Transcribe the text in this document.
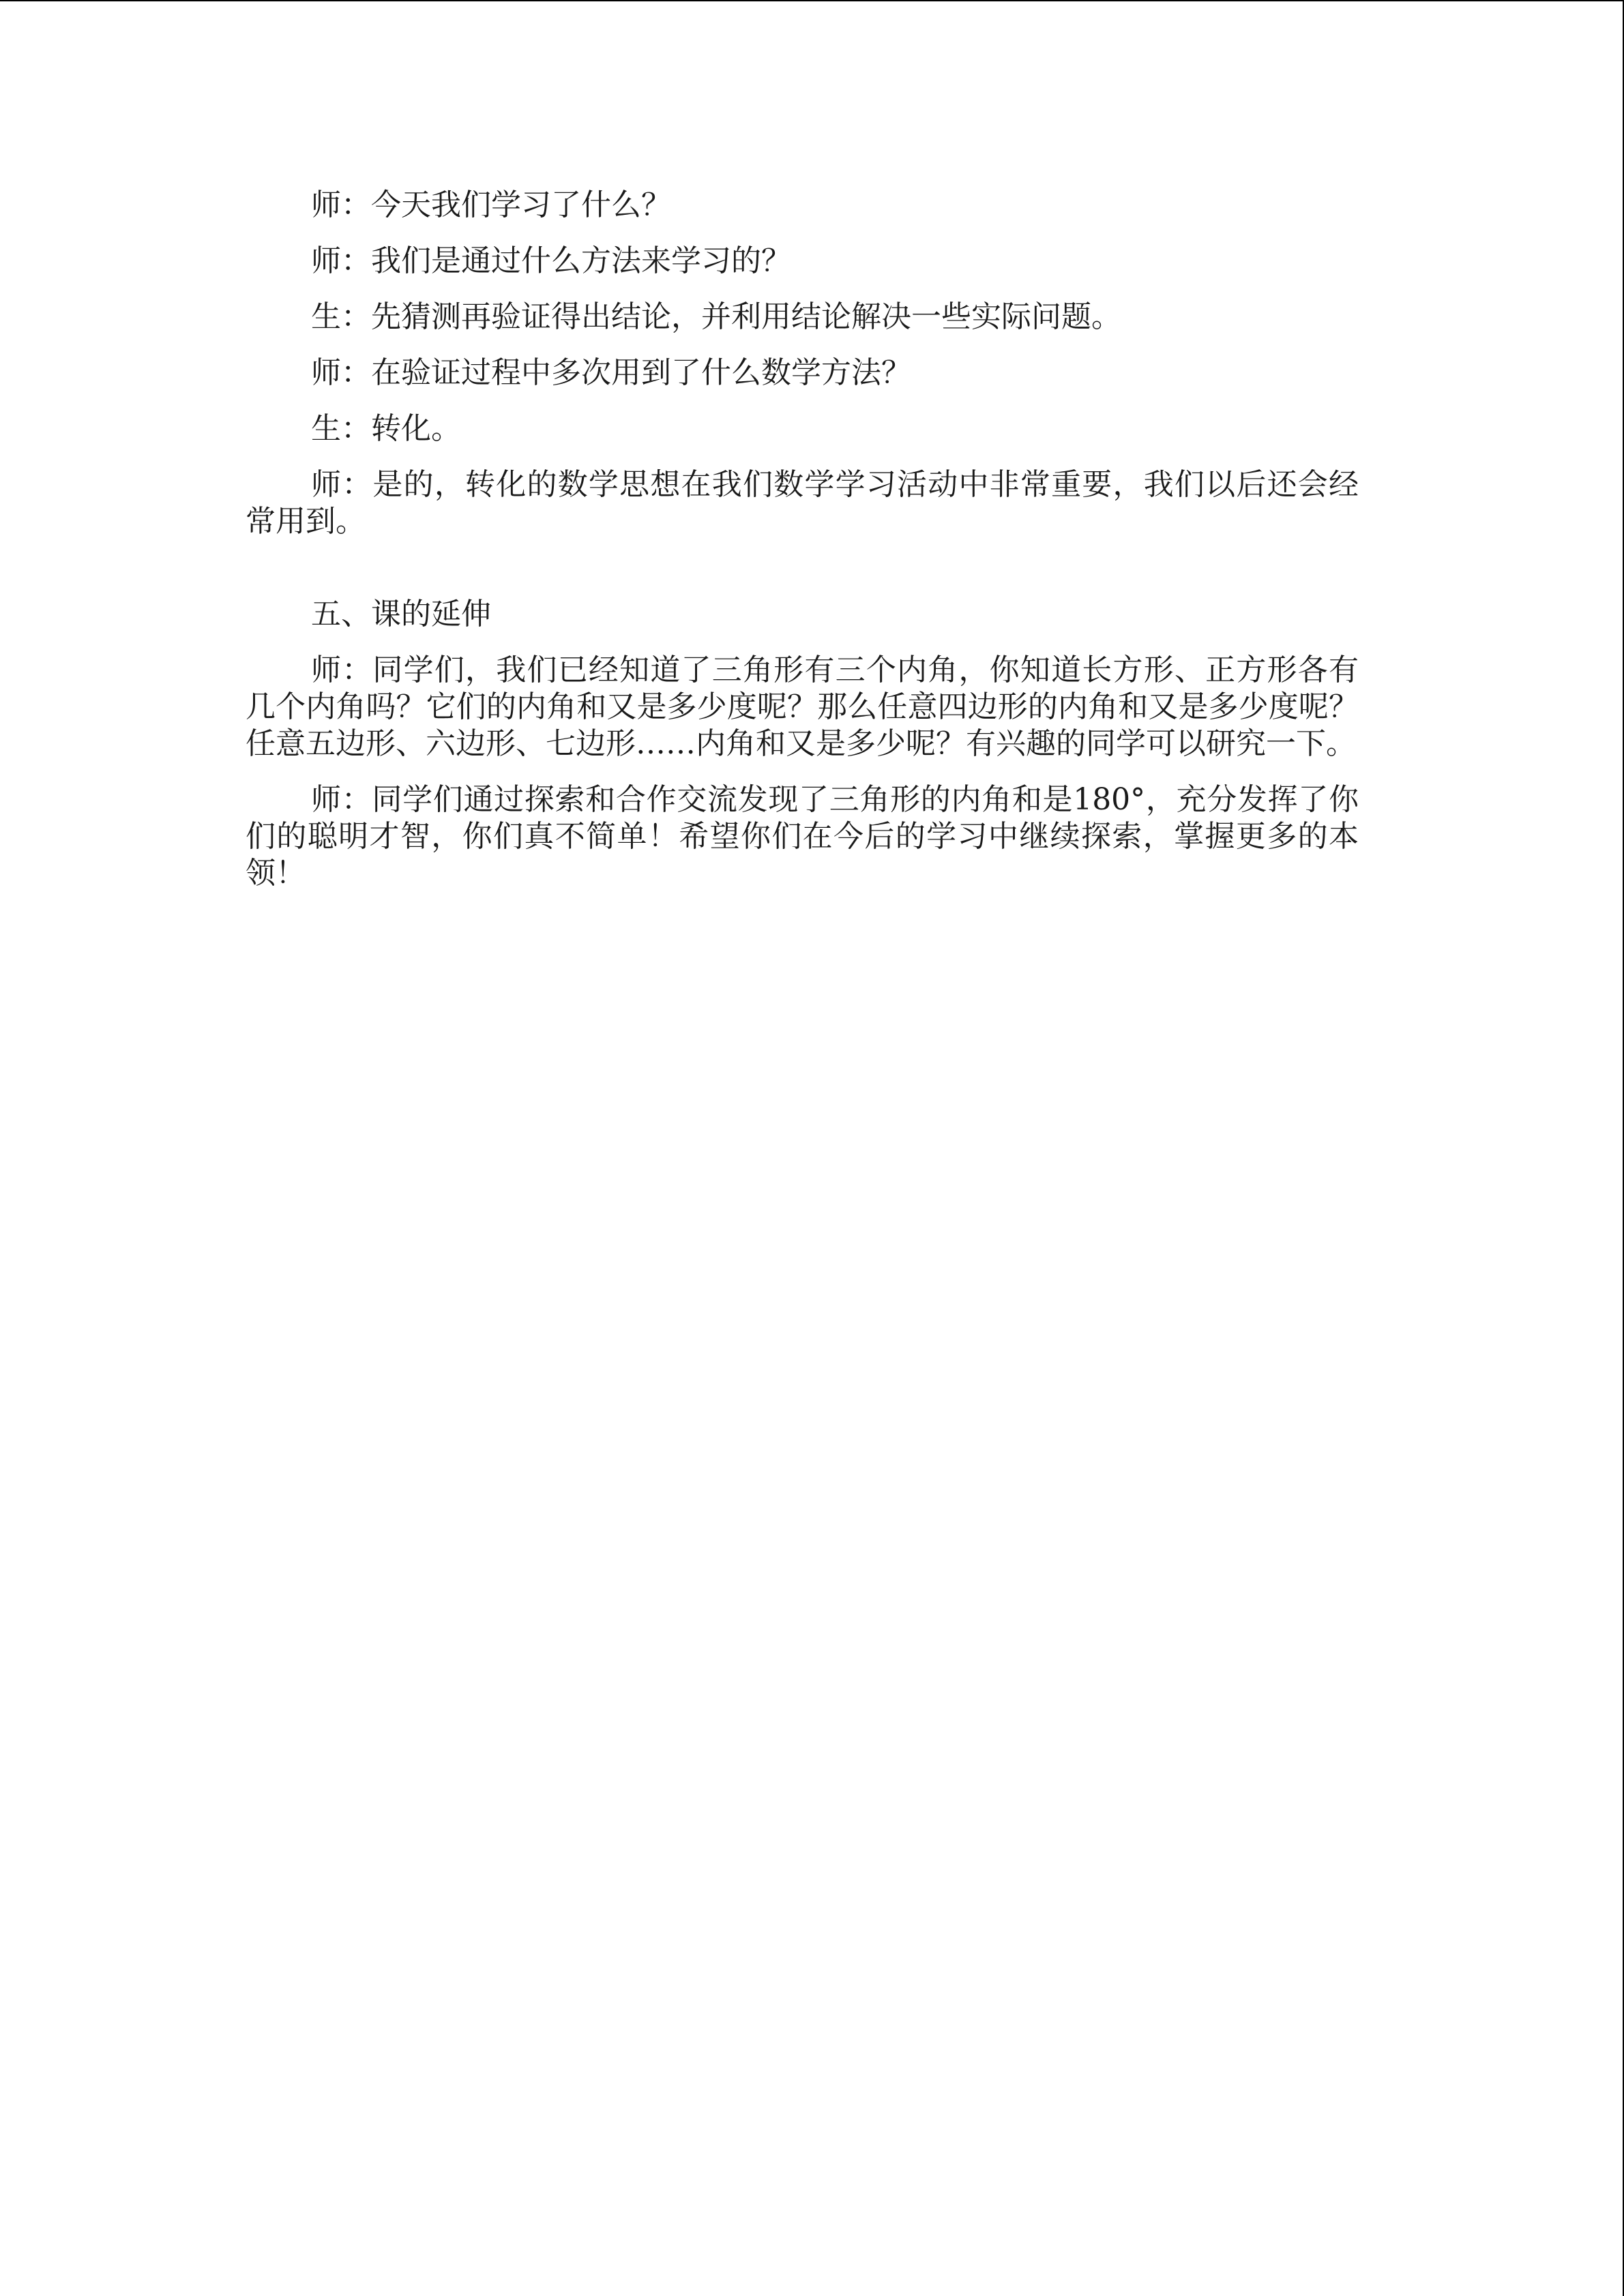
师：今天我们学习了什么？

师：我们是通过什么方法来学习的？

生：先猜测再验证得出结论，并利用结论解决一些实际问题。

师：在验证过程中多次用到了什么数学方法？

生：转化。

师：是的，转化的数学思想在我们数学学习活动中非常重要，我们以后还会经常用到。

五、课的延伸

师：同学们，我们已经知道了三角形有三个内角，你知道长方形、正方形各有几个内角吗？它们的内角和又是多少度呢？那么任意四边形的内角和又是多少度呢？任意五边形、六边形、七边形……内角和又是多少呢？有兴趣的同学可以研究一下。

师：同学们通过探索和合作交流发现了三角形的内角和是180°，充分发挥了你们的聪明才智，你们真不简单！希望你们在今后的学习中继续探索，掌握更多的本领！
